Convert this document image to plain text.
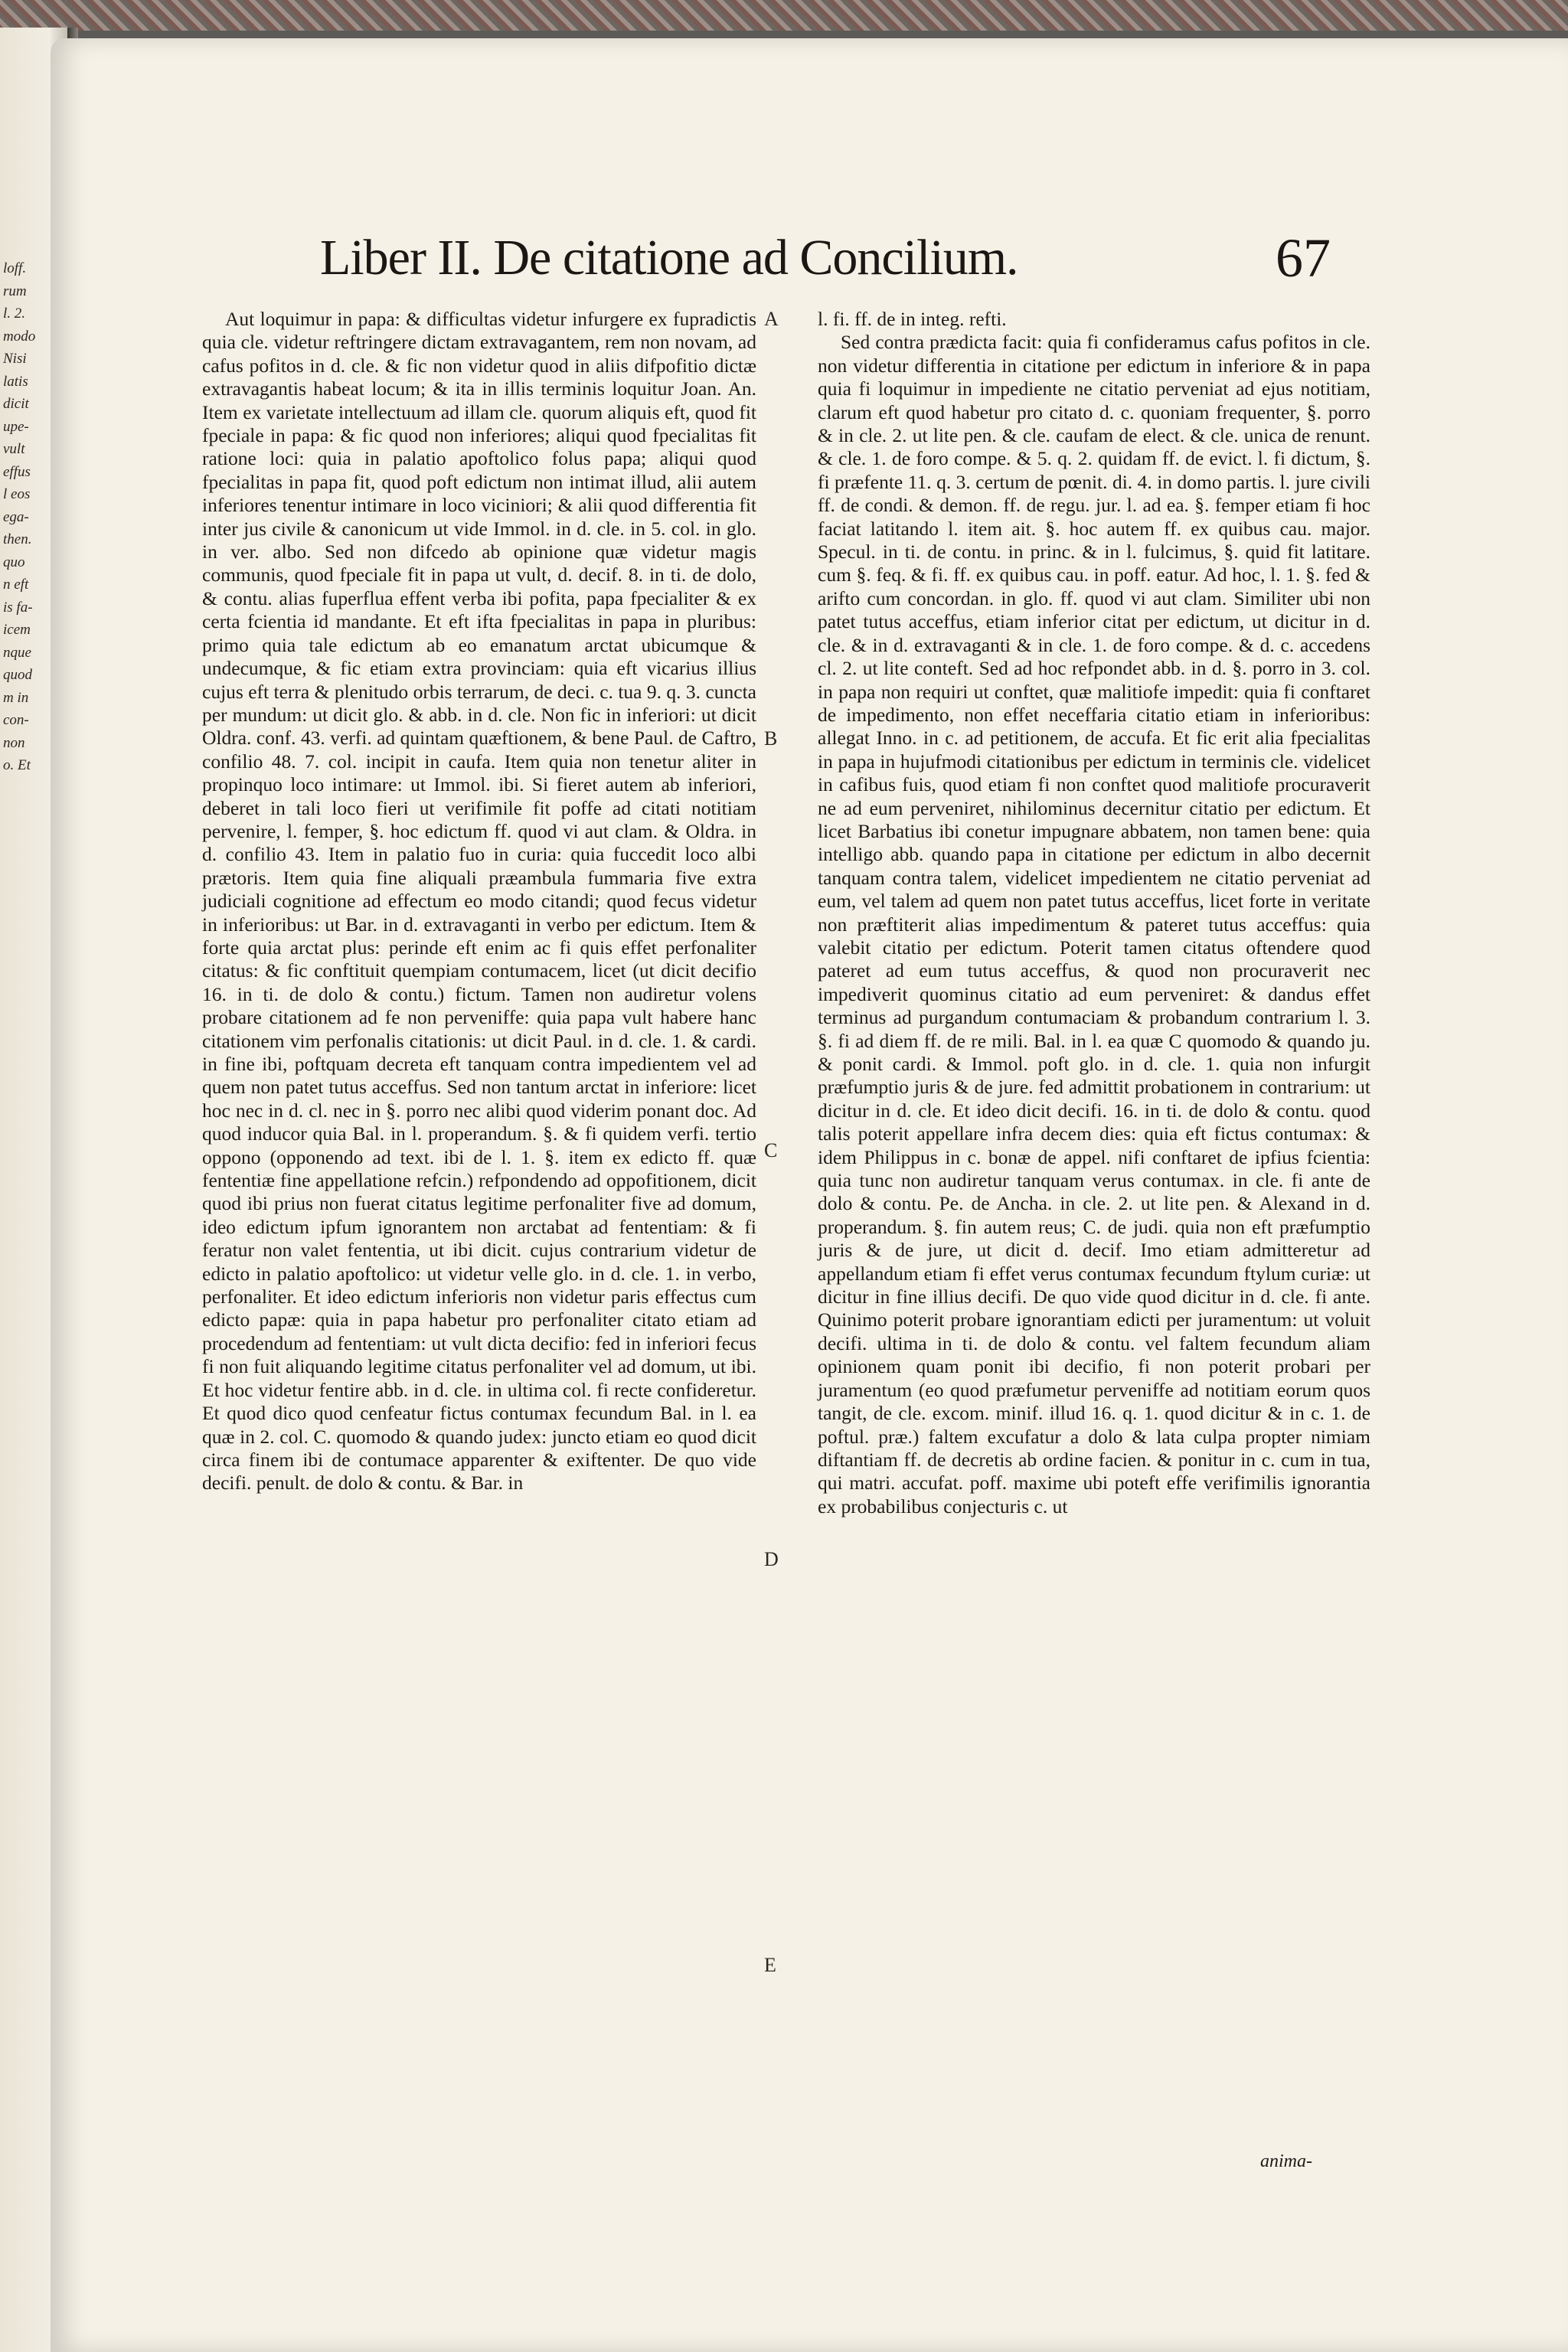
loff.
rum
l. 2.
modo
Nisi
latis
dicit
upe-
vult
effus
l eos
ega-
then.
quo
n eft
is fa-
icem
nque
quod
m in
con-
non
o. Et
Liber II. De citatione ad Concilium.	67

Aut loquimur in papa: & difficultas videtur infurgere ex fupradictis quia cle. videtur reftringere dictam extravagantem, rem non novam, ad cafus pofitos in d. cle. & fic non videtur quod in aliis difpofitio dictæ extravagantis habeat locum; & ita in illis terminis loquitur Joan. An. Item ex varietate intellectuum ad illam cle. quorum aliquis eft, quod fit fpeciale in papa: & fic quod non inferiores; aliqui quod fpecialitas fit ratione loci: quia in palatio apoftolico folus papa; aliqui quod fpecialitas in papa fit, quod poft edictum non intimat illud, alii autem inferiores tenentur intimare in loco viciniori; & alii quod differentia fit inter jus civile & canonicum ut vide Immol. in d. cle. in 5. col. in glo. in ver. albo. Sed non difcedo ab opinione quæ videtur magis communis, quod fpeciale fit in papa ut vult, d. decif. 8. in ti. de dolo, & contu. alias fuperflua effent verba ibi pofita, papa fpecialiter & ex certa fcientia id mandante. Et eft ifta fpecialitas in papa in pluribus: primo quia tale edictum ab eo emanatum arctat ubicumque & undecumque, & fic etiam extra provinciam: quia eft vicarius illius cujus eft terra & plenitudo orbis terrarum, de deci. c. tua 9. q. 3. cuncta per mundum: ut dicit glo. & abb. in d. cle. Non fic in inferiori: ut dicit Oldra. conf. 43. verfi. ad quintam quæftionem, & bene Paul. de Caftro, confilio 48. 7. col. incipit in caufa. Item quia non tenetur aliter in propinquo loco intimare: ut Immol. ibi. Si fieret autem ab inferiori, deberet in tali loco fieri ut verifimile fit poffe ad citati notitiam pervenire, l. femper, §. hoc edictum ff. quod vi aut clam. & Oldra. in d. confilio 43. Item in palatio fuo in curia: quia fuccedit loco albi prætoris. Item quia fine aliquali præambula fummaria five extra judiciali cognitione ad effectum eo modo citandi; quod fecus videtur in inferioribus: ut Bar. in d. extravaganti in verbo per edictum. Item & forte quia arctat plus: perinde eft enim ac fi quis effet perfonaliter citatus: & fic conftituit quempiam contumacem, licet (ut dicit decifio 16. in ti. de dolo & contu.) fictum. Tamen non audiretur volens probare citationem ad fe non perveniffe: quia papa vult habere hanc citationem vim perfonalis citationis: ut dicit Paul. in d. cle. 1. & cardi. in fine ibi, poftquam decreta eft tanquam contra impedientem vel ad quem non patet tutus acceffus. Sed non tantum arctat in inferiore: licet hoc nec in d. cl. nec in §. porro nec alibi quod viderim ponant doc. Ad quod inducor quia Bal. in l. properandum. §. & fi quidem verfi. tertio oppono (opponendo ad text. ibi de l. 1. §. item ex edicto ff. quæ fententiæ fine appellatione refcin.) refpondendo ad oppofitionem, dicit quod ibi prius non fuerat citatus legitime perfonaliter five ad domum, ideo edictum ipfum ignorantem non arctabat ad fententiam: & fi feratur non valet fententia, ut ibi dicit. cujus contrarium videtur de edicto in palatio apoftolico: ut videtur velle glo. in d. cle. 1. in verbo, perfonaliter. Et ideo edictum inferioris non videtur paris effectus cum edicto papæ: quia in papa habetur pro perfonaliter citato etiam ad procedendum ad fententiam: ut vult dicta decifio: fed in inferiori fecus fi non fuit aliquando legitime citatus perfonaliter vel ad domum, ut ibi. Et hoc videtur fentire abb. in d. cle. in ultima col. fi recte confideretur. Et quod dico quod cenfeatur fictus contumax fecundum Bal. in l. ea quæ in 2. col. C. quomodo & quando judex: juncto etiam eo quod dicit circa finem ibi de contumace apparenter & exiftenter. De quo vide decifi. penult. de dolo & contu. & Bar. in

A
B
C
D
E

l. fi. ff. de in integ. refti.

Sed contra prædicta facit: quia fi confideramus cafus pofitos in cle. non videtur differentia in citatione per edictum in inferiore & in papa quia fi loquimur in impediente ne citatio perveniat ad ejus notitiam, clarum eft quod habetur pro citato d. c. quoniam frequenter, §. porro & in cle. 2. ut lite pen. & cle. caufam de elect. & cle. unica de renunt. & cle. 1. de foro compe. & 5. q. 2. quidam ff. de evict. l. fi dictum, §. fi præfente 11. q. 3. certum de pœnit. di. 4. in domo partis. l. jure civili ff. de condi. & demon. ff. de regu. jur. l. ad ea. §. femper etiam fi hoc faciat latitando l. item ait. §. hoc autem ff. ex quibus cau. major. Specul. in ti. de contu. in princ. & in l. fulcimus, §. quid fit latitare. cum §. feq. & fi. ff. ex quibus cau. in poff. eatur. Ad hoc, l. 1. §. fed & arifto cum concordan. in glo. ff. quod vi aut clam. Similiter ubi non patet tutus acceffus, etiam inferior citat per edictum, ut dicitur in d. cle. & in d. extravaganti & in cle. 1. de foro compe. & d. c. accedens cl. 2. ut lite conteft. Sed ad hoc refpondet abb. in d. §. porro in 3. col. in papa non requiri ut conftet, quæ malitiofe impedit: quia fi conftaret de impedimento, non effet neceffaria citatio etiam in inferioribus: allegat Inno. in c. ad petitionem, de accufa. Et fic erit alia fpecialitas in papa in hujufmodi citationibus per edictum in terminis cle. videlicet in cafibus fuis, quod etiam fi non conftet quod malitiofe procuraverit ne ad eum perveniret, nihilominus decernitur citatio per edictum. Et licet Barbatius ibi conetur impugnare abbatem, non tamen bene: quia intelligo abb. quando papa in citatione per edictum in albo decernit tanquam contra talem, videlicet impedientem ne citatio perveniat ad eum, vel talem ad quem non patet tutus acceffus, licet forte in veritate non præftiterit alias impedimentum & pateret tutus acceffus: quia valebit citatio per edictum. Poterit tamen citatus oftendere quod pateret ad eum tutus acceffus, & quod non procuraverit nec impediverit quominus citatio ad eum perveniret: & dandus effet terminus ad purgandum contumaciam & probandum contrarium l. 3. §. fi ad diem ff. de re mili. Bal. in l. ea quæ C quomodo & quando ju. & ponit cardi. & Immol. poft glo. in d. cle. 1. quia non infurgit præfumptio juris & de jure. fed admittit probationem in contrarium: ut dicitur in d. cle. Et ideo dicit decifi. 16. in ti. de dolo & contu. quod talis poterit appellare infra decem dies: quia eft fictus contumax: & idem Philippus in c. bonæ de appel. nifi conftaret de ipfius fcientia: quia tunc non audiretur tanquam verus contumax. in cle. fi ante de dolo & contu. Pe. de Ancha. in cle. 2. ut lite pen. & Alexand in d. properandum. §. fin autem reus; C. de judi. quia non eft præfumptio juris & de jure, ut dicit d. decif. Imo etiam admitteretur ad appellandum etiam fi effet verus contumax fecundum ftylum curiæ: ut dicitur in fine illius decifi. De quo vide quod dicitur in d. cle. fi ante. Quinimo poterit probare ignorantiam edicti per juramentum: ut voluit decifi. ultima in ti. de dolo & contu. vel faltem fecundum aliam opinionem quam ponit ibi decifio, fi non poterit probari per juramentum (eo quod præfumetur perveniffe ad notitiam eorum quos tangit, de cle. excom. minif. illud 16. q. 1. quod dicitur & in c. 1. de poftul. præ.) faltem excufatur a dolo & lata culpa propter nimiam diftantiam ff. de decretis ab ordine facien. & ponitur in c. cum in tua, qui matri. accufat. poff. maxime ubi poteft effe verifimilis ignorantia ex probabilibus conjecturis c. ut

anima-
